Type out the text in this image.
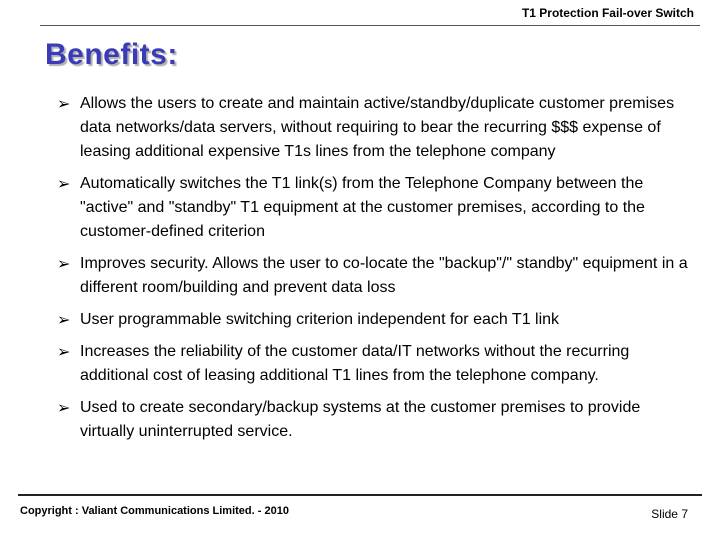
T1 Protection Fail-over Switch
Benefits:
➢ Allows the users to create and maintain active/standby/duplicate customer premises data networks/data servers, without requiring to bear the recurring $$$ expense of leasing additional expensive T1s lines from the telephone company
➢ Automatically switches the T1 link(s) from the Telephone Company between the "active" and "standby" T1 equipment at the customer premises, according to the customer-defined criterion
➢ Improves security. Allows the user to co-locate the "backup"/" standby" equipment in a different room/building and prevent data loss
➢ User programmable switching criterion independent for each T1 link
➢ Increases the reliability of the customer data/IT networks without the recurring additional cost of leasing additional T1 lines from the telephone company.
➢ Used to create secondary/backup systems at the customer premises to provide virtually uninterrupted service.
Copyright : Valiant Communications Limited. - 2010	Slide 7
